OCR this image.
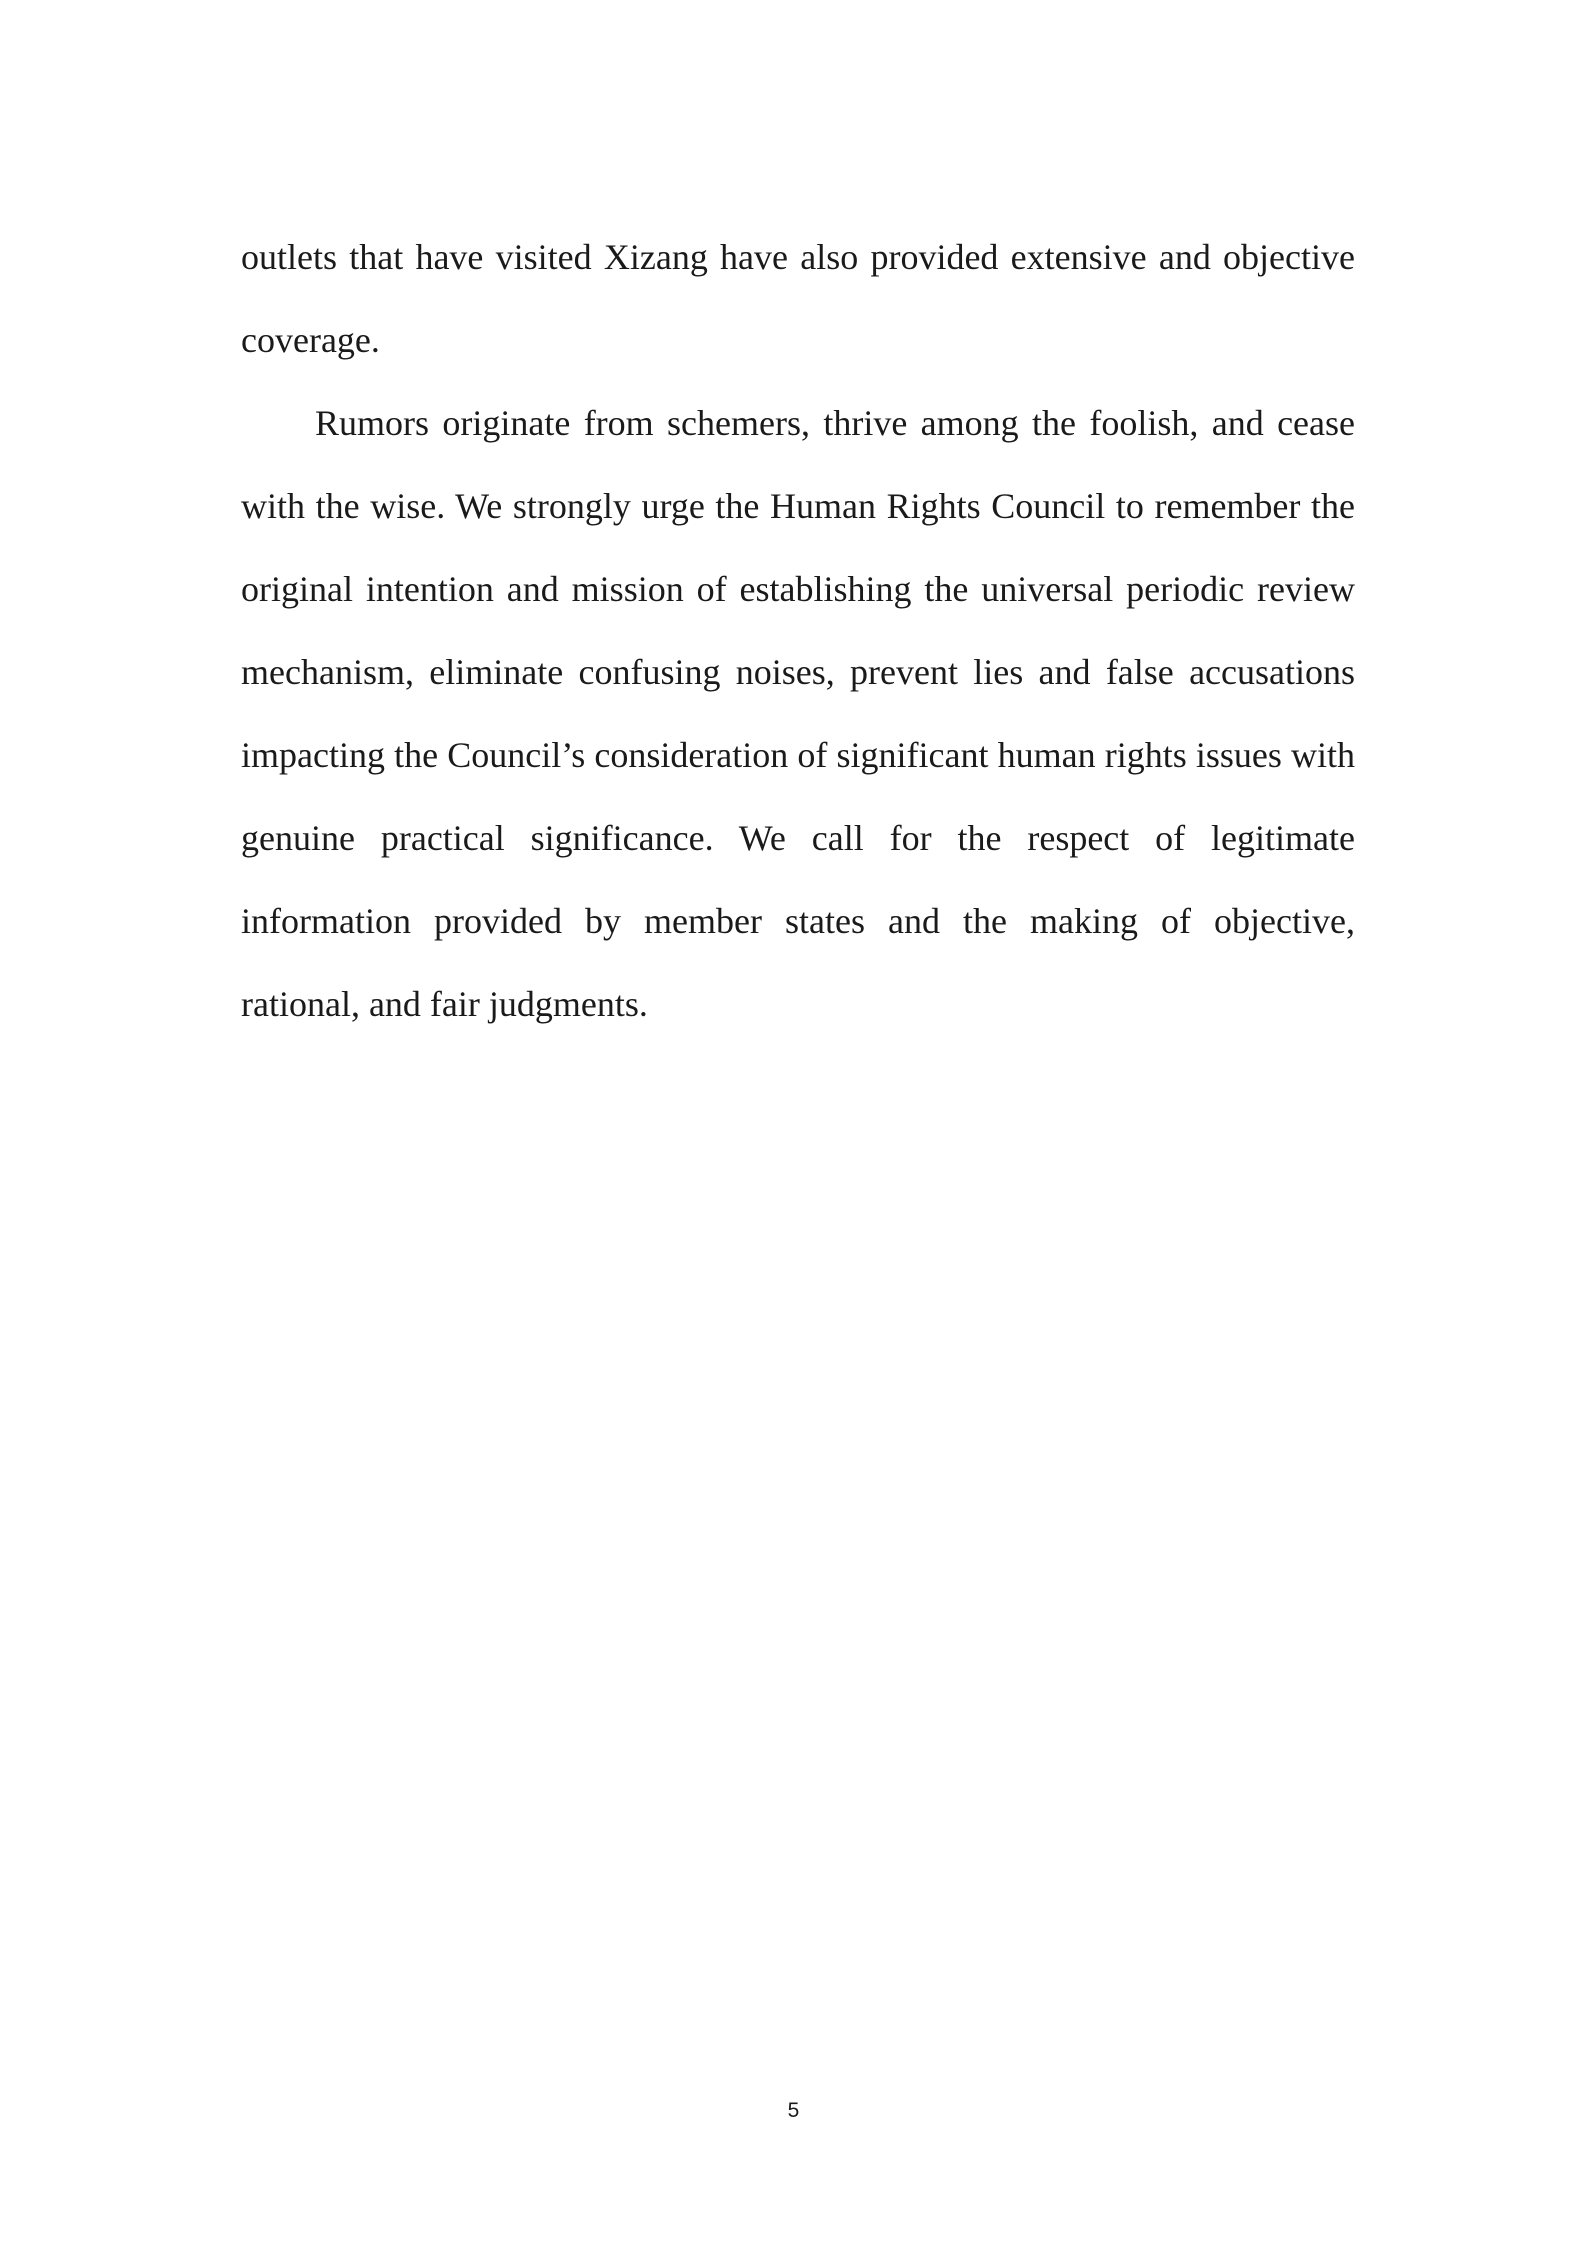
outlets that have visited Xizang have also provided extensive and objective coverage.

Rumors originate from schemers, thrive among the foolish, and cease with the wise. We strongly urge the Human Rights Council to remember the original intention and mission of establishing the universal periodic review mechanism, eliminate confusing noises, prevent lies and false accusations impacting the Council’s consideration of significant human rights issues with genuine practical significance. We call for the respect of legitimate information provided by member states and the making of objective, rational, and fair judgments.

5
